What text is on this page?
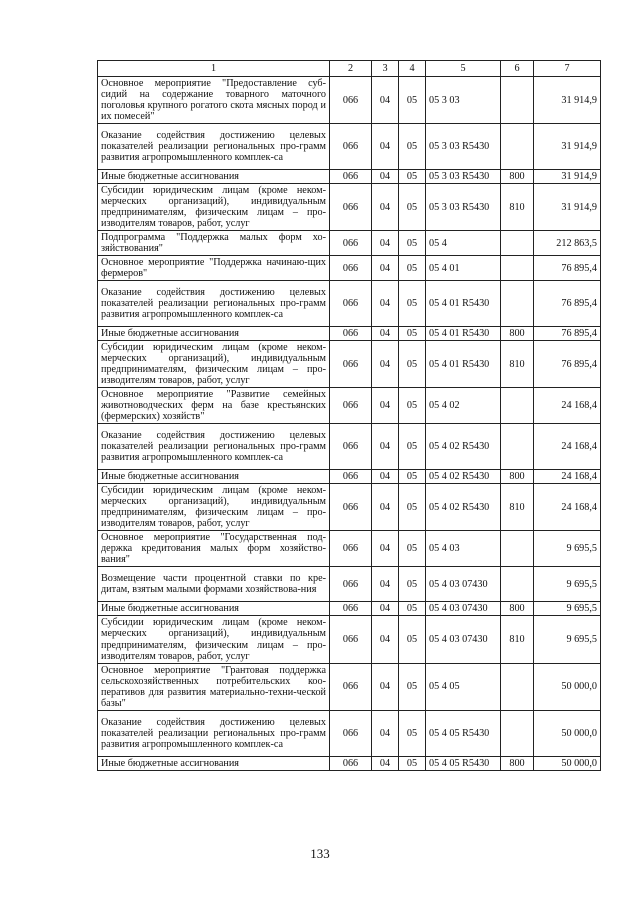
1	2	3	4	5	6	7
Основное мероприятие "Предоставление суб-сидий на содержание товарного маточного поголовья крупного рогатого скота мясных пород и их помесей"	066	04	05	05 3 03		31 914,9
Оказание содействия достижению целевых показателей реализации региональных про-грамм развития агропромышленного комплек-са	066	04	05	05 3 03 R5430		31 914,9
Иные бюджетные ассигнования	066	04	05	05 3 03 R5430	800	31 914,9
Субсидии юридическим лицам (кроме неком-мерческих организаций), индивидуальным предпринимателям, физическим лицам – про-изводителям товаров, работ, услуг	066	04	05	05 3 03 R5430	810	31 914,9
Подпрограмма "Поддержка малых форм хо-зяйствования"	066	04	05	05 4		212 863,5
Основное мероприятие "Поддержка начинаю-щих фермеров"	066	04	05	05 4 01		76 895,4
Оказание содействия достижению целевых показателей реализации региональных про-грамм развития агропромышленного комплек-са	066	04	05	05 4 01 R5430		76 895,4
Иные бюджетные ассигнования	066	04	05	05 4 01 R5430	800	76 895,4
Субсидии юридическим лицам (кроме неком-мерческих организаций), индивидуальным предпринимателям, физическим лицам – про-изводителям товаров, работ, услуг	066	04	05	05 4 01 R5430	810	76 895,4
Основное мероприятие "Развитие семейных животноводческих ферм на базе крестьянских (фермерских) хозяйств"	066	04	05	05 4 02		24 168,4
Оказание содействия достижению целевых показателей реализации региональных про-грамм развития агропромышленного комплек-са	066	04	05	05 4 02 R5430		24 168,4
Иные бюджетные ассигнования	066	04	05	05 4 02 R5430	800	24 168,4
Субсидии юридическим лицам (кроме неком-мерческих организаций), индивидуальным предпринимателям, физическим лицам – про-изводителям товаров, работ, услуг	066	04	05	05 4 02 R5430	810	24 168,4
Основное мероприятие "Государственная под-держка кредитования малых форм хозяйство-вания"	066	04	05	05 4 03		9 695,5
Возмещение части процентной ставки по кре-дитам, взятым малыми формами хозяйствова-ния	066	04	05	05 4 03 07430		9 695,5
Иные бюджетные ассигнования	066	04	05	05 4 03 07430	800	9 695,5
Субсидии юридическим лицам (кроме неком-мерческих организаций), индивидуальным предпринимателям, физическим лицам – про-изводителям товаров, работ, услуг	066	04	05	05 4 03 07430	810	9 695,5
Основное мероприятие "Грантовая поддержка сельскохозяйственных потребительских коо-перативов для развития материально-техни-ческой базы"	066	04	05	05 4 05		50 000,0
Оказание содействия достижению целевых показателей реализации региональных про-грамм развития агропромышленного комплек-са	066	04	05	05 4 05 R5430		50 000,0
Иные бюджетные ассигнования	066	04	05	05 4 05 R5430	800	50 000,0
133
